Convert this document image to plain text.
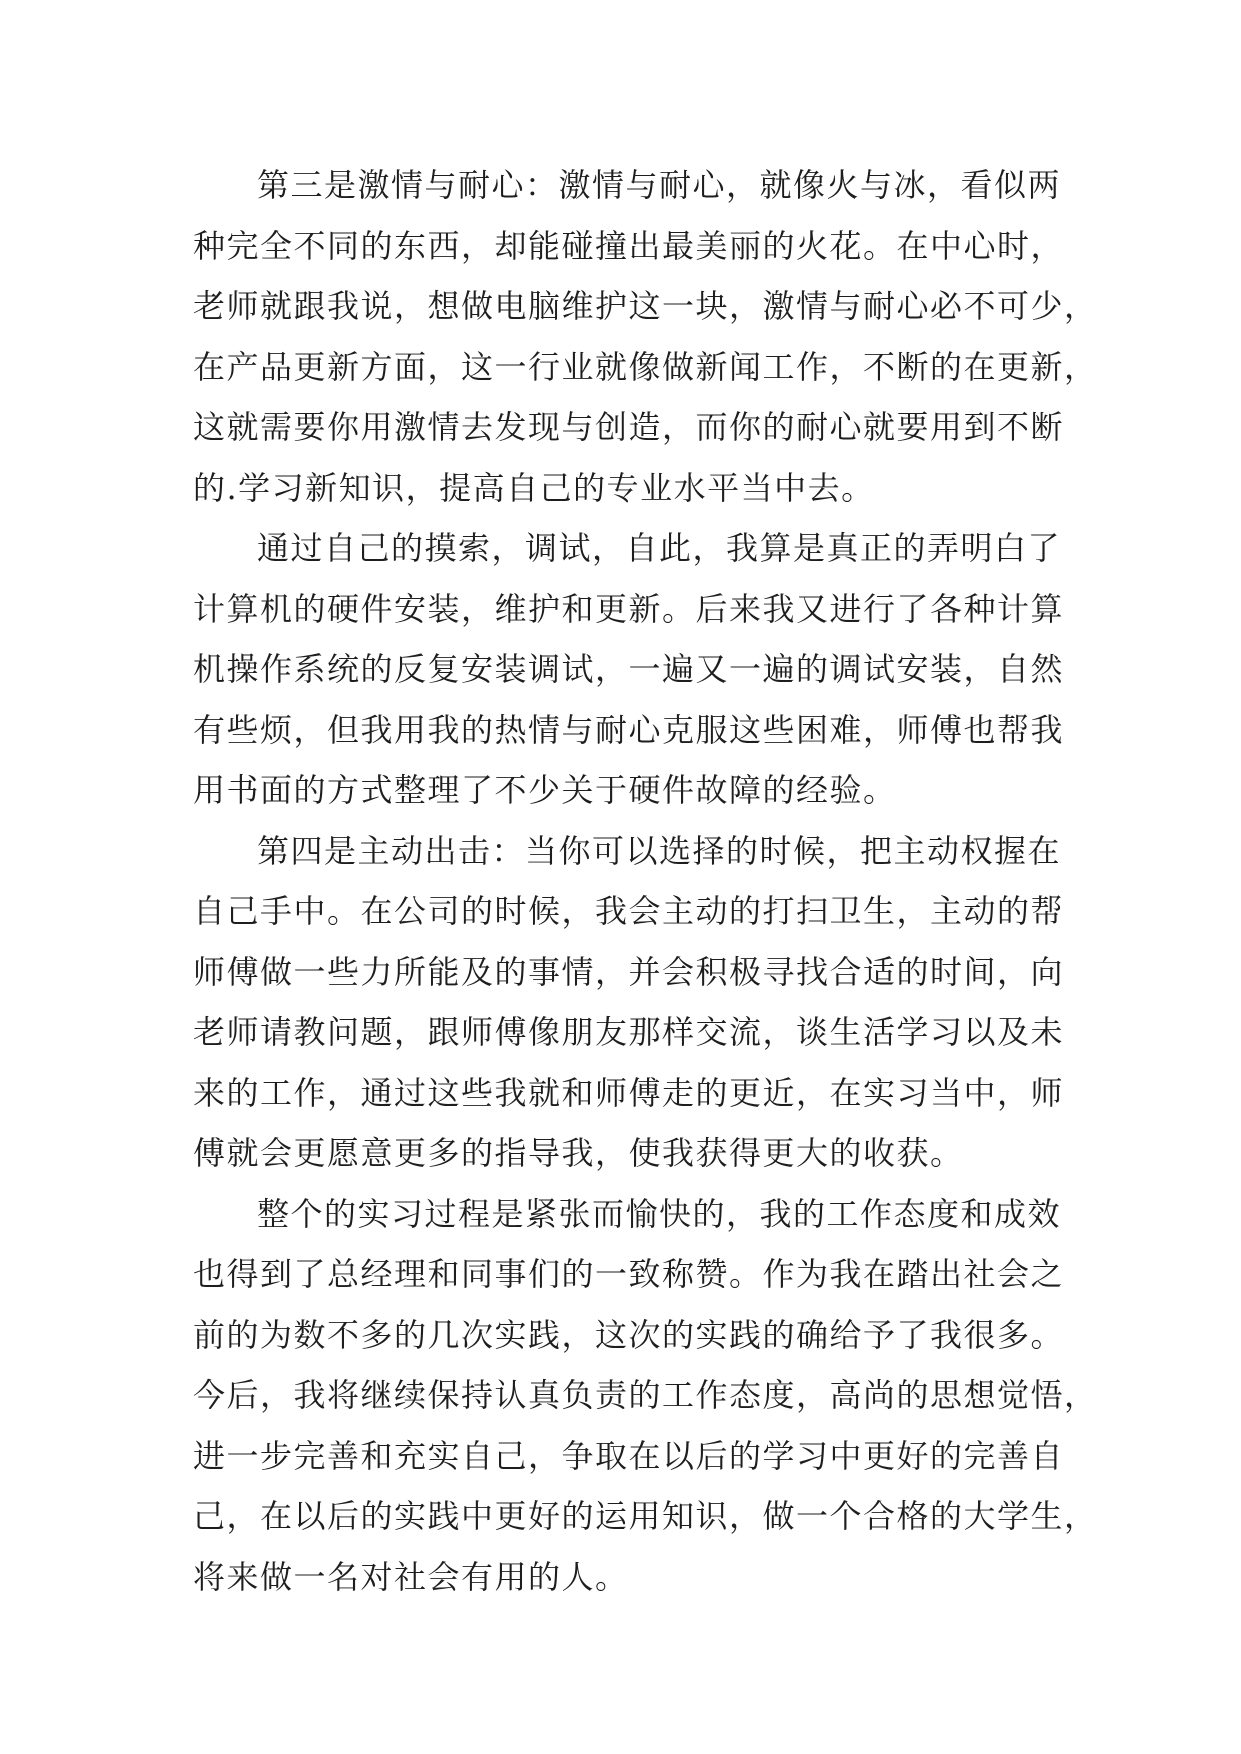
第三是激情与耐心：激情与耐心，就像火与冰，看似两
种完全不同的东西，却能碰撞出最美丽的火花。在中心时，
老师就跟我说，想做电脑维护这一块，激情与耐心必不可少，
在产品更新方面，这一行业就像做新闻工作，不断的在更新，
这就需要你用激情去发现与创造，而你的耐心就要用到不断
的.学习新知识，提高自己的专业水平当中去。
通过自己的摸索，调试，自此，我算是真正的弄明白了
计算机的硬件安装，维护和更新。后来我又进行了各种计算
机操作系统的反复安装调试，一遍又一遍的调试安装，自然
有些烦，但我用我的热情与耐心克服这些困难，师傅也帮我
用书面的方式整理了不少关于硬件故障的经验。
第四是主动出击：当你可以选择的时候，把主动权握在
自己手中。在公司的时候，我会主动的打扫卫生，主动的帮
师傅做一些力所能及的事情，并会积极寻找合适的时间，向
老师请教问题，跟师傅像朋友那样交流，谈生活学习以及未
来的工作，通过这些我就和师傅走的更近，在实习当中，师
傅就会更愿意更多的指导我，使我获得更大的收获。
整个的实习过程是紧张而愉快的，我的工作态度和成效
也得到了总经理和同事们的一致称赞。作为我在踏出社会之
前的为数不多的几次实践，这次的实践的确给予了我很多。
今后，我将继续保持认真负责的工作态度，高尚的思想觉悟，
进一步完善和充实自己，争取在以后的学习中更好的完善自
己，在以后的实践中更好的运用知识，做一个合格的大学生，
将来做一名对社会有用的人。
